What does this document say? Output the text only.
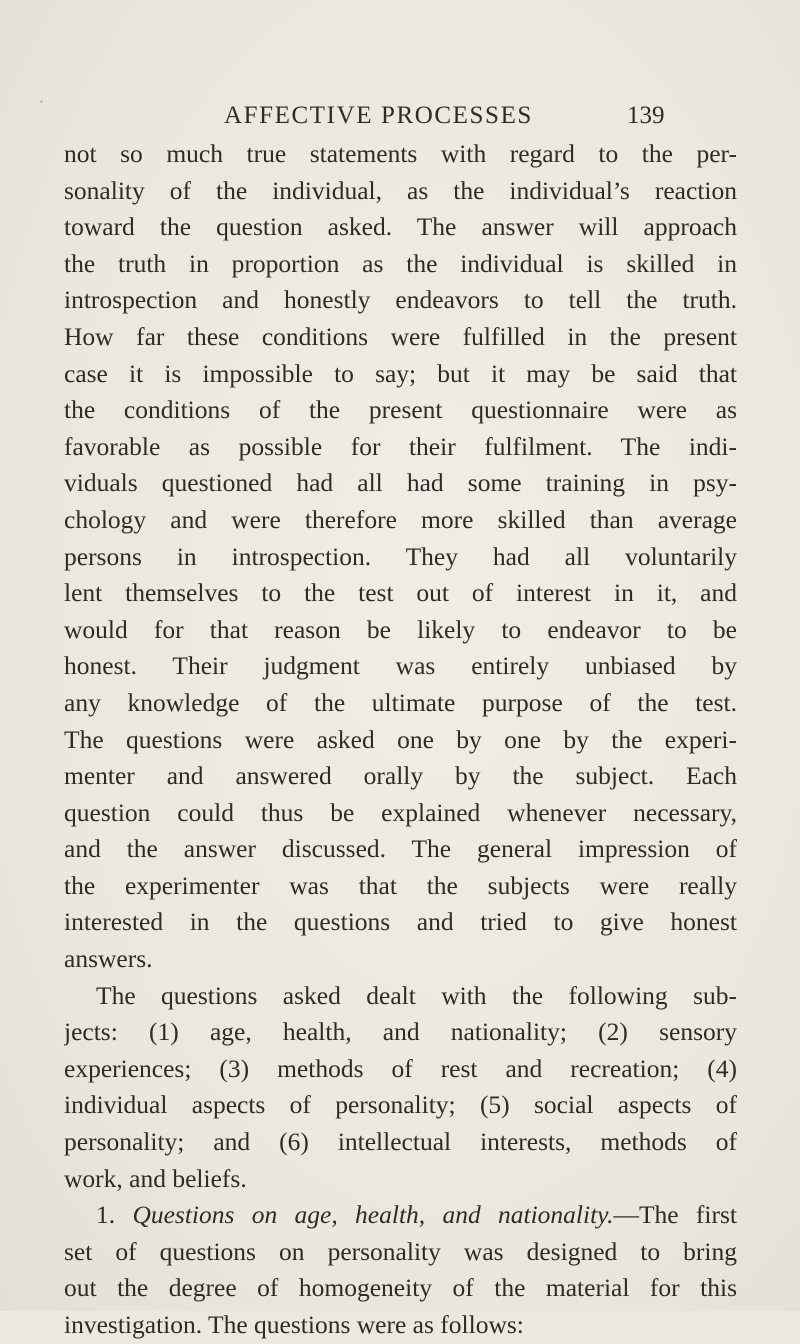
AFFECTIVE PROCESSES	139
not so much true statements with regard to the per-
sonality of the individual, as the individual’s reaction
toward the question asked. The answer will approach
the truth in proportion as the individual is skilled in
introspection and honestly endeavors to tell the truth.
How far these conditions were fulfilled in the present
case it is impossible to say; but it may be said that
the conditions of the present questionnaire were as
favorable as possible for their fulfilment. The indi-
viduals questioned had all had some training in psy-
chology and were therefore more skilled than average
persons in introspection. They had all voluntarily
lent themselves to the test out of interest in it, and
would for that reason be likely to endeavor to be
honest. Their judgment was entirely unbiased by
any knowledge of the ultimate purpose of the test.
The questions were asked one by one by the experi-
menter and answered orally by the subject. Each
question could thus be explained whenever necessary,
and the answer discussed. The general impression of
the experimenter was that the subjects were really
interested in the questions and tried to give honest
answers.
The questions asked dealt with the following sub-
jects: (1) age, health, and nationality; (2) sensory
experiences; (3) methods of rest and recreation; (4)
individual aspects of personality; (5) social aspects of
personality; and (6) intellectual interests, methods of
work, and beliefs.
1. Questions on age, health, and nationality.—The first
set of questions on personality was designed to bring
out the degree of homogeneity of the material for this
investigation. The questions were as follows:
